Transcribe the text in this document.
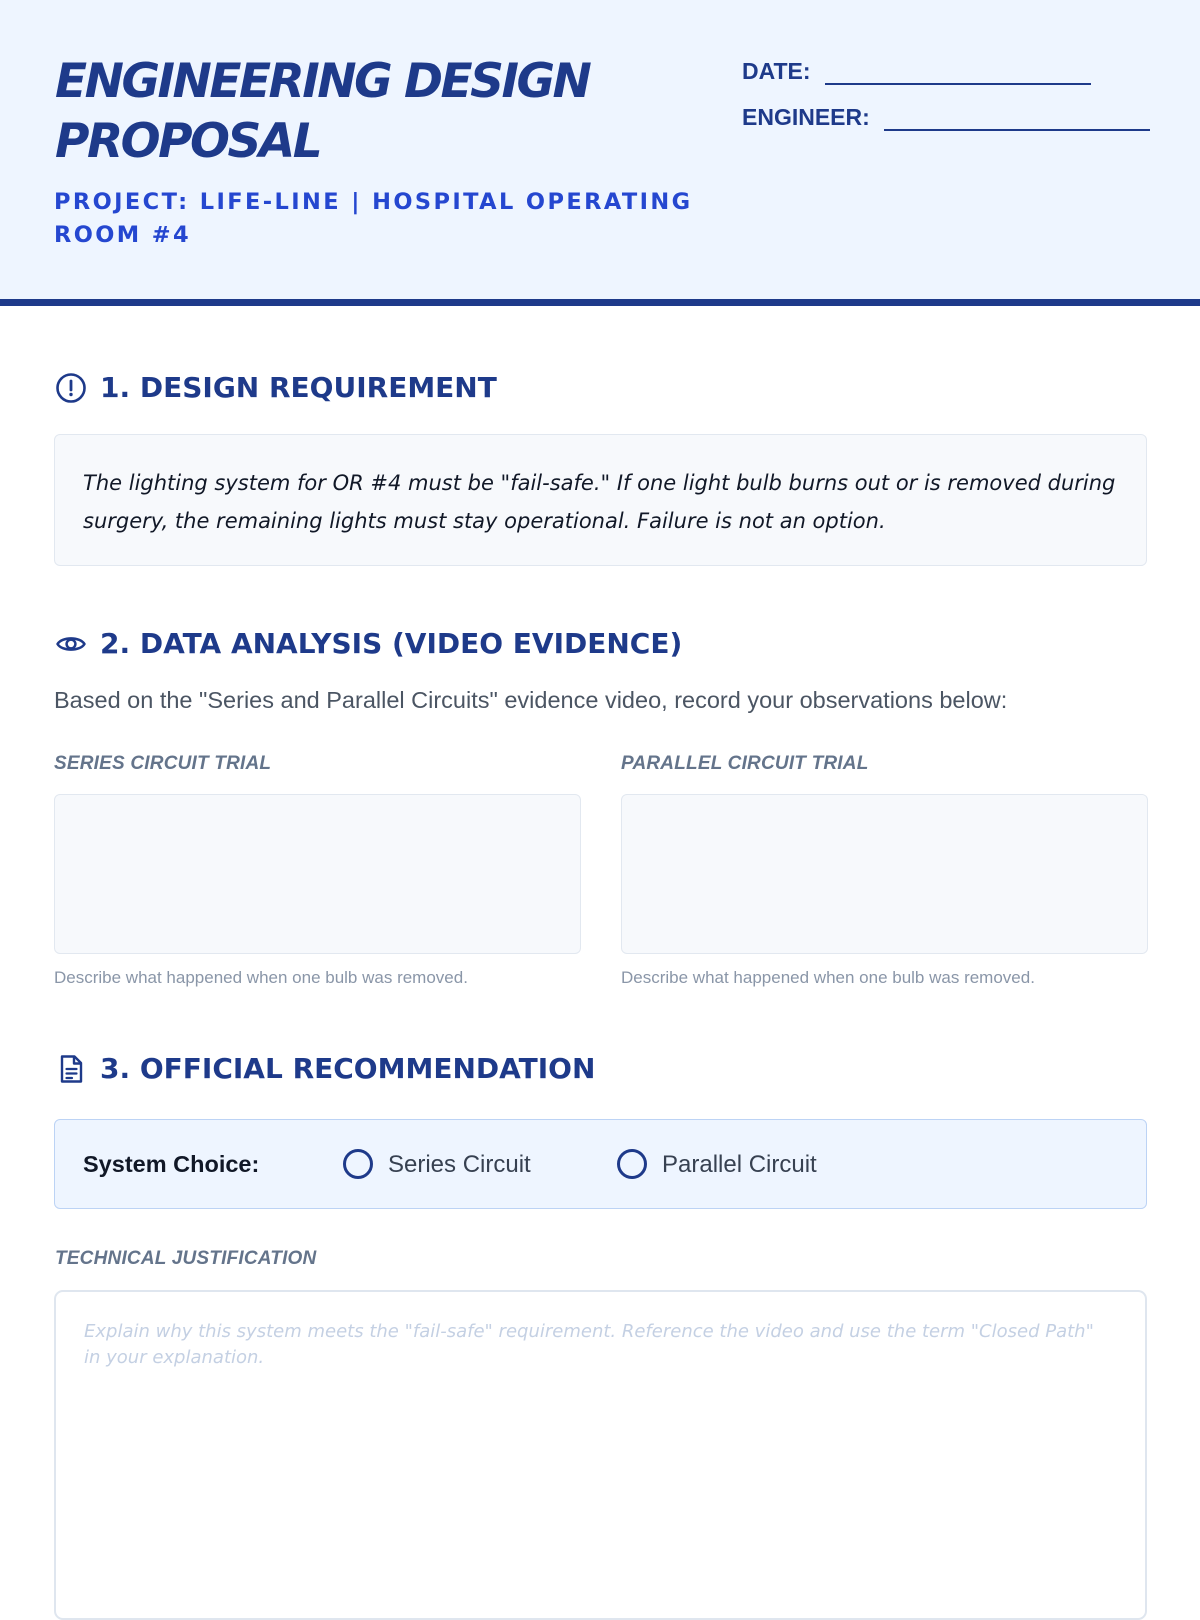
ENGINEERING DESIGN PROPOSAL
PROJECT: LIFE-LINE | HOSPITAL OPERATING ROOM #4
DATE:
ENGINEER:
1. DESIGN REQUIREMENT
The lighting system for OR #4 must be "fail-safe." If one light bulb burns out or is removed during surgery, the remaining lights must stay operational. Failure is not an option.
2. DATA ANALYSIS (VIDEO EVIDENCE)
Based on the "Series and Parallel Circuits" evidence video, record your observations below:
SERIES CIRCUIT TRIAL	PARALLEL CIRCUIT TRIAL
Describe what happened when one bulb was removed.	Describe what happened when one bulb was removed.
3. OFFICIAL RECOMMENDATION
System Choice:	Series Circuit	Parallel Circuit
TECHNICAL JUSTIFICATION
Explain why this system meets the "fail-safe" requirement. Reference the video and use the term "Closed Path" in your explanation.
